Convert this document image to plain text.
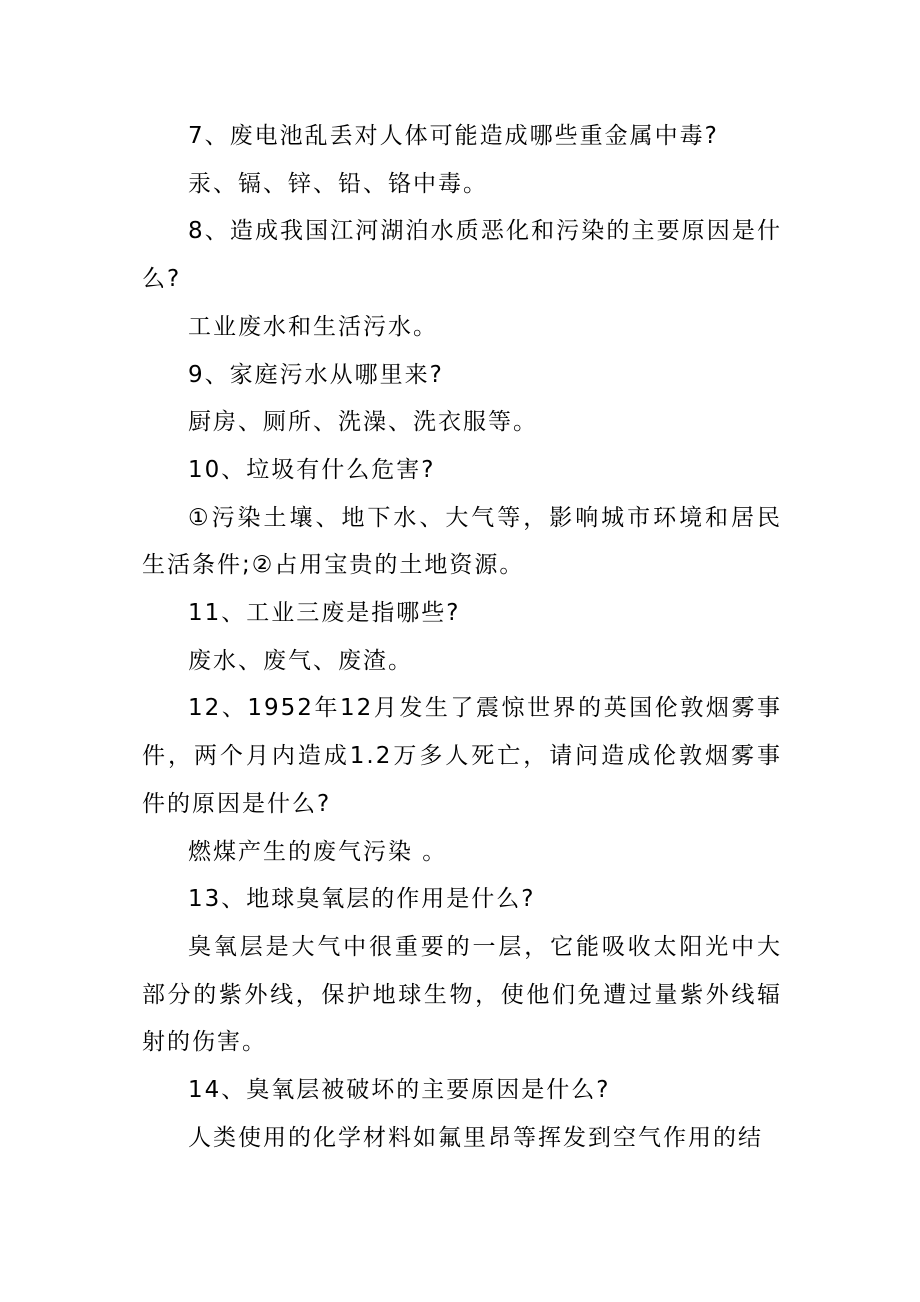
7、废电池乱丢对人体可能造成哪些重金属中毒?

汞、镉、锌、铅、铬中毒。

8、造成我国江河湖泊水质恶化和污染的主要原因是什么?

工业废水和生活污水。

9、家庭污水从哪里来?

厨房、厕所、洗澡、洗衣服等。

10、垃圾有什么危害?

①污染土壤、地下水、大气等，影响城市环境和居民生活条件;②占用宝贵的土地资源。

11、工业三废是指哪些?

废水、废气、废渣。

12、1952年12月发生了震惊世界的英国伦敦烟雾事件，两个月内造成1.2万多人死亡，请问造成伦敦烟雾事件的原因是什么?

燃煤产生的废气污染 。

13、地球臭氧层的作用是什么?

臭氧层是大气中很重要的一层，它能吸收太阳光中大部分的紫外线，保护地球生物，使他们免遭过量紫外线辐射的伤害。

14、臭氧层被破坏的主要原因是什么?

人类使用的化学材料如氟里昂等挥发到空气作用的结
